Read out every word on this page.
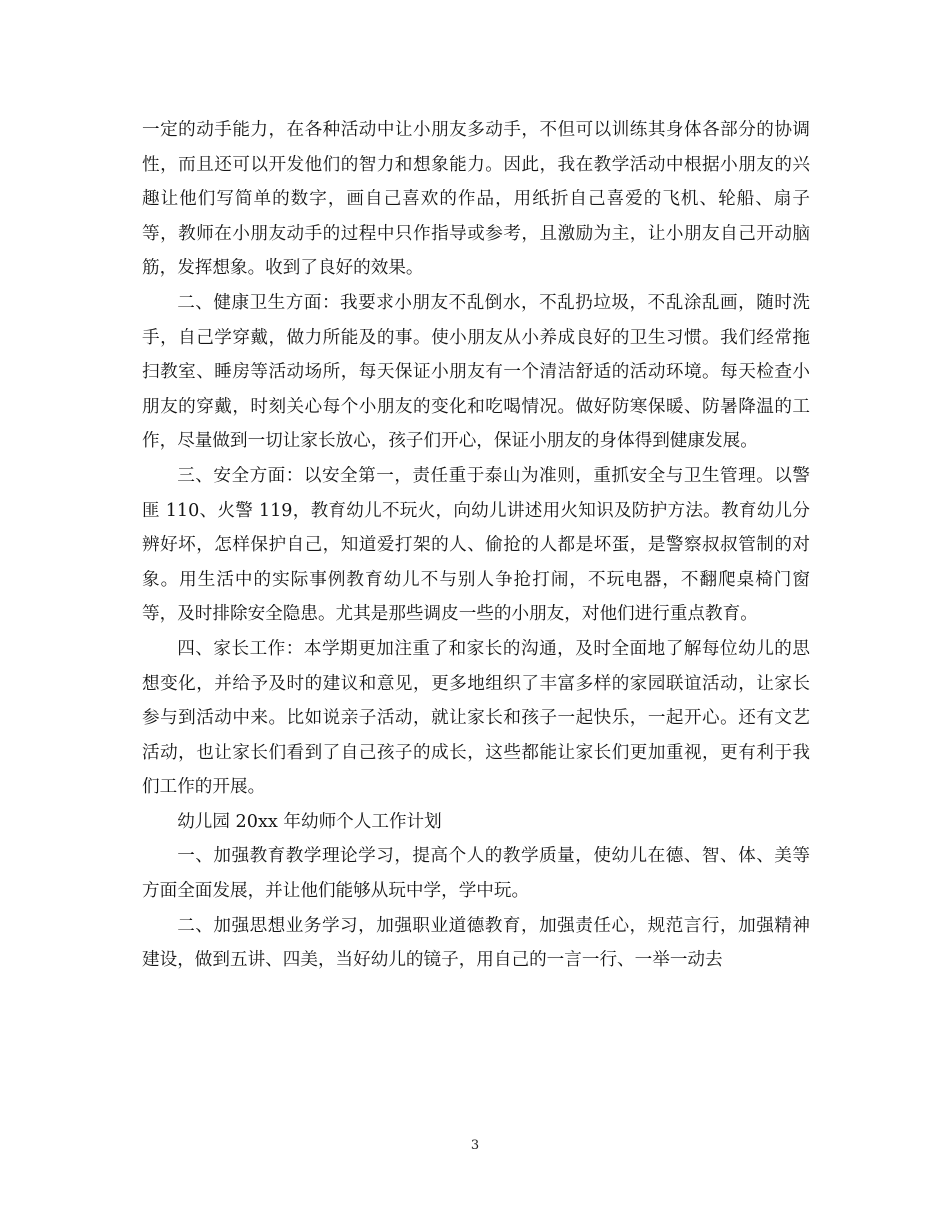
一定的动手能力，在各种活动中让小朋友多动手，不但可以训练其身体各部分的协调性，而且还可以开发他们的智力和想象能力。因此，我在教学活动中根据小朋友的兴趣让他们写简单的数字，画自己喜欢的作品，用纸折自己喜爱的飞机、轮船、扇子等，教师在小朋友动手的过程中只作指导或参考，且激励为主，让小朋友自己开动脑筋，发挥想象。收到了良好的效果。

二、健康卫生方面：我要求小朋友不乱倒水，不乱扔垃圾，不乱涂乱画，随时洗手，自己学穿戴，做力所能及的事。使小朋友从小养成良好的卫生习惯。我们经常拖扫教室、睡房等活动场所，每天保证小朋友有一个清洁舒适的活动环境。每天检查小朋友的穿戴，时刻关心每个小朋友的变化和吃喝情况。做好防寒保暖、防暑降温的工作，尽量做到一切让家长放心，孩子们开心，保证小朋友的身体得到健康发展。

三、安全方面：以安全第一，责任重于泰山为准则，重抓安全与卫生管理。以警匪 110、火警 119，教育幼儿不玩火，向幼儿讲述用火知识及防护方法。教育幼儿分辨好坏，怎样保护自己，知道爱打架的人、偷抢的人都是坏蛋，是警察叔叔管制的对象。用生活中的实际事例教育幼儿不与别人争抢打闹，不玩电器，不翻爬桌椅门窗等，及时排除安全隐患。尤其是那些调皮一些的小朋友，对他们进行重点教育。

四、家长工作：本学期更加注重了和家长的沟通，及时全面地了解每位幼儿的思想变化，并给予及时的建议和意见，更多地组织了丰富多样的家园联谊活动，让家长参与到活动中来。比如说亲子活动，就让家长和孩子一起快乐，一起开心。还有文艺活动，也让家长们看到了自己孩子的成长，这些都能让家长们更加重视，更有利于我们工作的开展。

幼儿园 20xx 年幼师个人工作计划

一、加强教育教学理论学习，提高个人的教学质量，使幼儿在德、智、体、美等方面全面发展，并让他们能够从玩中学，学中玩。

二、加强思想业务学习，加强职业道德教育，加强责任心，规范言行，加强精神建设，做到五讲、四美，当好幼儿的镜子，用自己的一言一行、一举一动去

3
